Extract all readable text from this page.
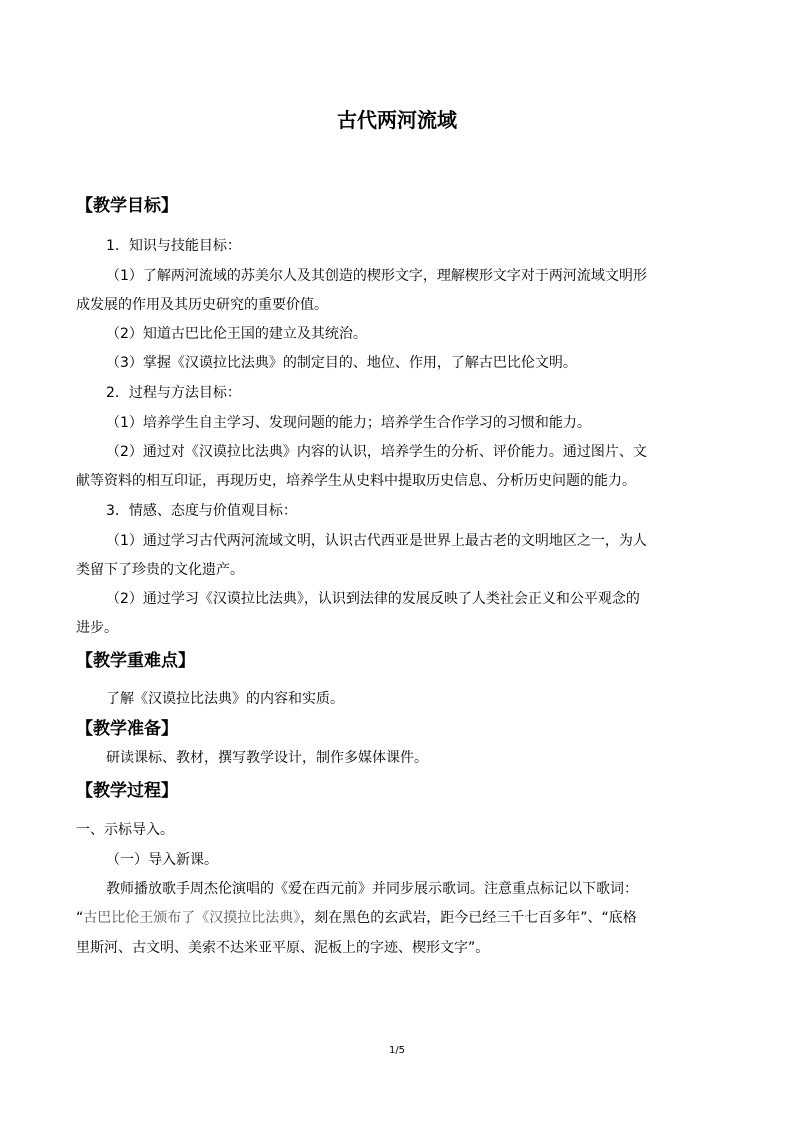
古代两河流域
【教学目标】

1．知识与技能目标：

（1）了解两河流域的苏美尔人及其创造的楔形文字，理解楔形文字对于两河流域文明形

成发展的作用及其历史研究的重要价值。

（2）知道古巴比伦王国的建立及其统治。

（3）掌握《汉谟拉比法典》的制定目的、地位、作用，了解古巴比伦文明。

2．过程与方法目标：

（1）培养学生自主学习、发现问题的能力；培养学生合作学习的习惯和能力。

（2）通过对《汉谟拉比法典》内容的认识，培养学生的分析、评价能力。通过图片、文

献等资料的相互印证，再现历史，培养学生从史料中提取历史信息、分析历史问题的能力。

3．情感、态度与价值观目标：

（1）通过学习古代两河流域文明，认识古代西亚是世界上最古老的文明地区之一，为人

类留下了珍贵的文化遗产。

（2）通过学习《汉谟拉比法典》，认识到法律的发展反映了人类社会正义和公平观念的

进步。

【教学重难点】

了解《汉谟拉比法典》的内容和实质。

【教学准备】

研读课标、教材，撰写教学设计，制作多媒体课件。

【教学过程】

一、示标导入。

（一）导入新课。

教师播放歌手周杰伦演唱的《爱在西元前》并同步展示歌词。注意重点标记以下歌词：

“古巴比伦王颁布了《汉摸拉比法典》，刻在黑色的玄武岩，距今已经三千七百多年”、“底格

里斯河、古文明、美索不达米亚平原、泥板上的字迹、楔形文字”。

1/5
